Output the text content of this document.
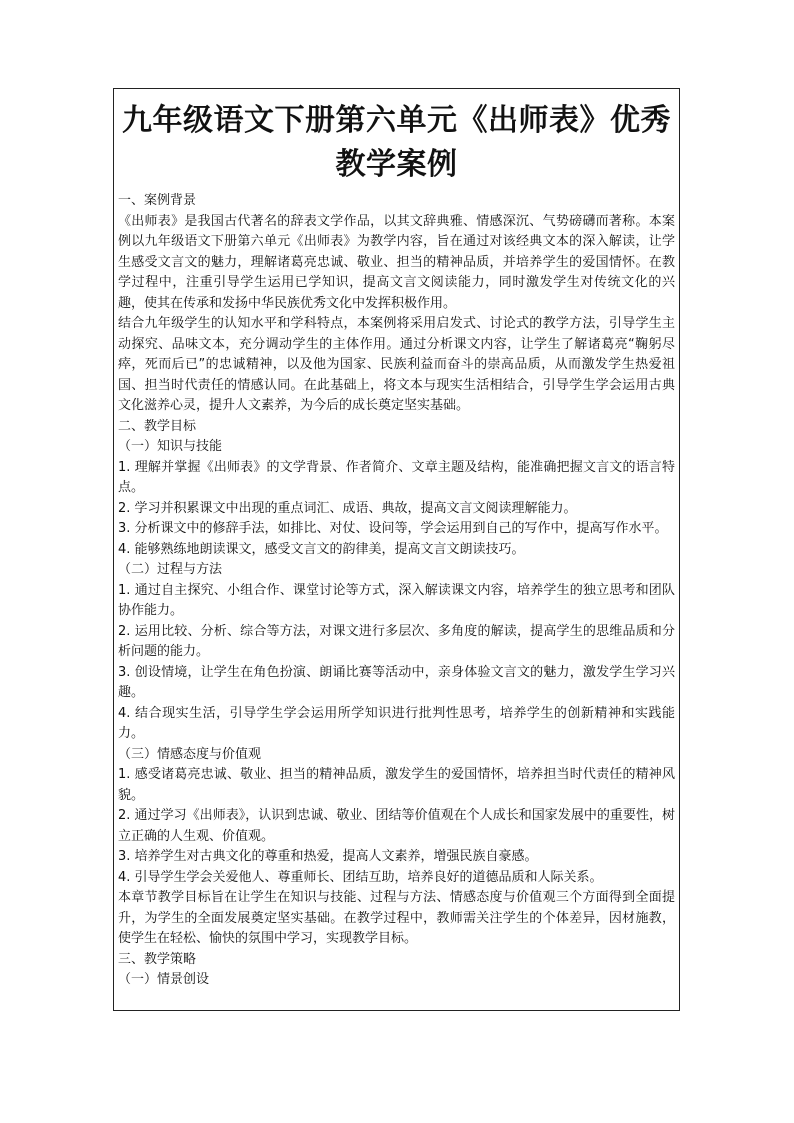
九年级语文下册第六单元《出师表》优秀教学案例

一、案例背景

《出师表》是我国古代著名的辞表文学作品，以其文辞典雅、情感深沉、气势磅礴而著称。本案例以九年级语文下册第六单元《出师表》为教学内容，旨在通过对该经典文本的深入解读，让学生感受文言文的魅力，理解诸葛亮忠诚、敬业、担当的精神品质，并培养学生的爱国情怀。在教学过程中，注重引导学生运用已学知识，提高文言文阅读能力，同时激发学生对传统文化的兴趣，使其在传承和发扬中华民族优秀文化中发挥积极作用。

结合九年级学生的认知水平和学科特点，本案例将采用启发式、讨论式的教学方法，引导学生主动探究、品味文本，充分调动学生的主体作用。通过分析课文内容，让学生了解诸葛亮“鞠躬尽瘁，死而后已”的忠诚精神，以及他为国家、民族利益而奋斗的崇高品质，从而激发学生热爱祖国、担当时代责任的情感认同。在此基础上，将文本与现实生活相结合，引导学生学会运用古典文化滋养心灵，提升人文素养，为今后的成长奠定坚实基础。

二、教学目标

（一）知识与技能

1. 理解并掌握《出师表》的文学背景、作者简介、文章主题及结构，能准确把握文言文的语言特点。

2. 学习并积累课文中出现的重点词汇、成语、典故，提高文言文阅读理解能力。

3. 分析课文中的修辞手法，如排比、对仗、设问等，学会运用到自己的写作中，提高写作水平。

4. 能够熟练地朗读课文，感受文言文的韵律美，提高文言文朗读技巧。

（二）过程与方法

1. 通过自主探究、小组合作、课堂讨论等方式，深入解读课文内容，培养学生的独立思考和团队协作能力。

2. 运用比较、分析、综合等方法，对课文进行多层次、多角度的解读，提高学生的思维品质和分析问题的能力。

3. 创设情境，让学生在角色扮演、朗诵比赛等活动中，亲身体验文言文的魅力，激发学生学习兴趣。

4. 结合现实生活，引导学生学会运用所学知识进行批判性思考，培养学生的创新精神和实践能力。

（三）情感态度与价值观

1. 感受诸葛亮忠诚、敬业、担当的精神品质，激发学生的爱国情怀，培养担当时代责任的精神风貌。

2. 通过学习《出师表》，认识到忠诚、敬业、团结等价值观在个人成长和国家发展中的重要性，树立正确的人生观、价值观。

3. 培养学生对古典文化的尊重和热爱，提高人文素养，增强民族自豪感。

4. 引导学生学会关爱他人、尊重师长、团结互助，培养良好的道德品质和人际关系。

本章节教学目标旨在让学生在知识与技能、过程与方法、情感态度与价值观三个方面得到全面提升，为学生的全面发展奠定坚实基础。在教学过程中，教师需关注学生的个体差异，因材施教，使学生在轻松、愉快的氛围中学习，实现教学目标。

三、教学策略

（一）情景创设
